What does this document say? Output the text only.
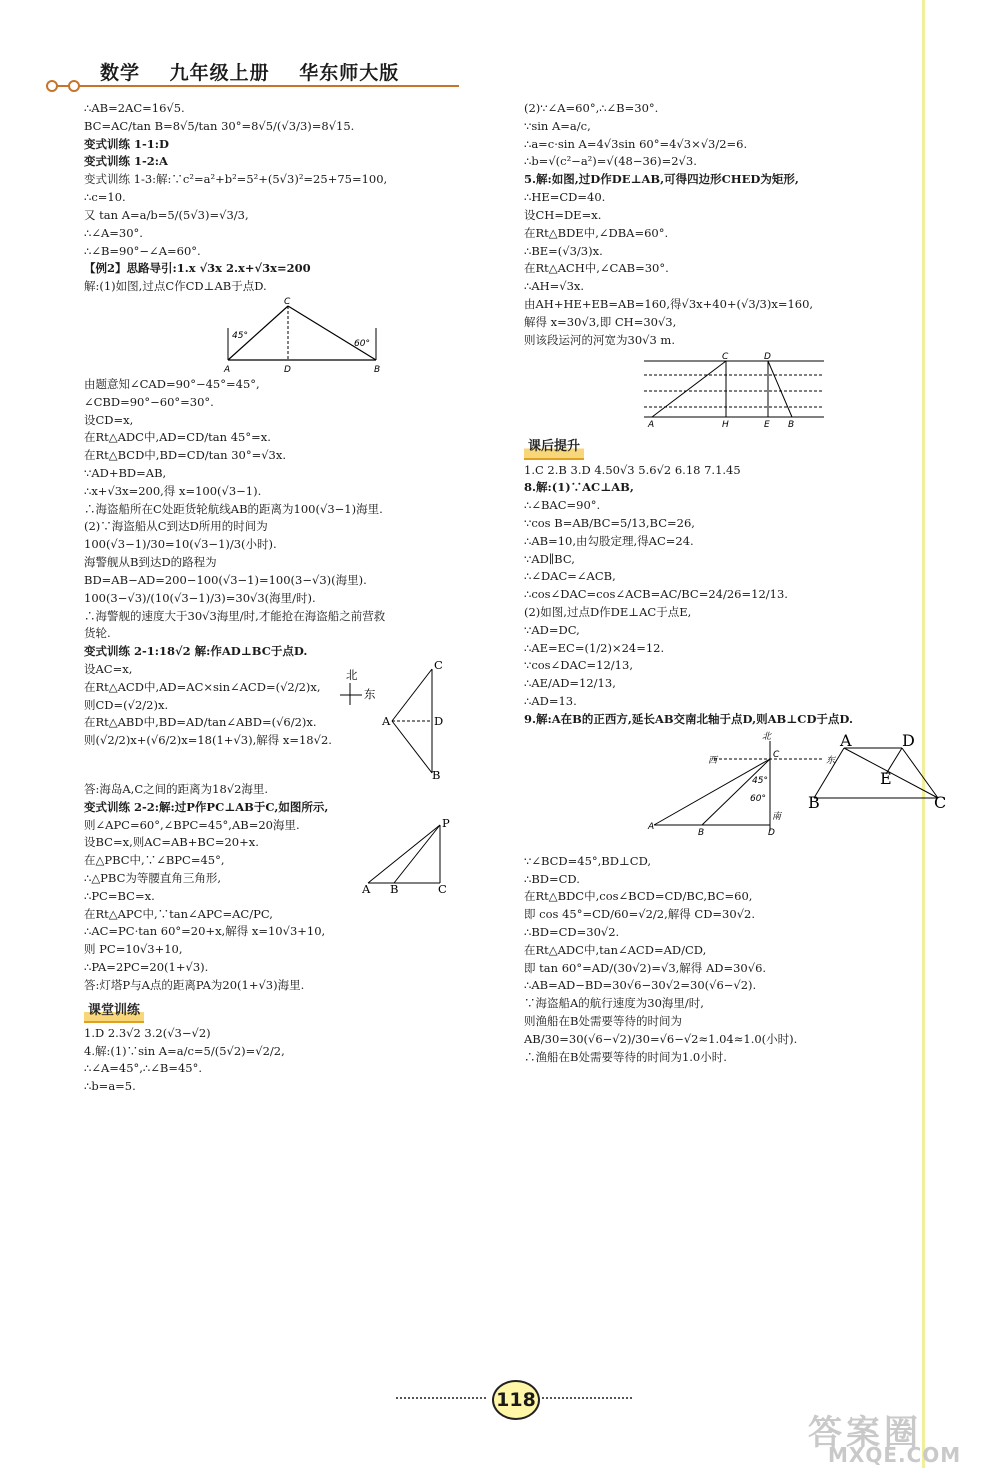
数学 九年级上册 华东师大版
∴AB=2AC=16√5.
BC=AC/tan B=8√5/tan 30°=8√5/(√3/3)=8√15.
变式训练 1-1:D
变式训练 1-2:A
变式训练 1-3:解:∵c²=a²+b²=5²+(5√3)²=25+75=100,
∴c=10.
又 tan A=a/b=5/(5√3)=√3/3,
∴∠A=30°.
∴∠B=90°−∠A=60°.
【例2】思路导引:1.x √3x 2.x+√3x=200
解:(1)如图,过点C作CD⊥AB于点D.
45°
60°
C
A	D	B
由题意知∠CAD=90°−45°=45°,
∠CBD=90°−60°=30°.
设CD=x,
在Rt△ADC中,AD=CD/tan 45°=x.
在Rt△BCD中,BD=CD/tan 30°=√3x.
∵AD+BD=AB,
∴x+√3x=200,得 x=100(√3−1).
∴海盗船所在C处距货轮航线AB的距离为100(√3−1)海里.
(2)∵海盗船从C到达D所用的时间为
100(√3−1)/30=10(√3−1)/3(小时).
海警舰从B到达D的路程为
BD=AB−AD=200−100(√3−1)=100(3−√3)(海里).
100(3−√3)/(10(√3−1)/3)=30√3(海里/时).
∴海警舰的速度大于30√3海里/时,才能抢在海盗船之前营救
货轮.
变式训练 2-1:18√2 解:作AD⊥BC于点D.
设AC=x,
在Rt△ACD中,AD=AC×sin∠ACD=(√2/2)x,
则CD=(√2/2)x.
在Rt△ABD中,BD=AD/tan∠ABD=(√6/2)x.
则(√2/2)x+(√6/2)x=18(1+√3),解得 x=18√2.
北
东
A
C
D
B
答:海岛A,C之间的距离为18√2海里.
变式训练 2-2:解:过P作PC⊥AB于C,如图所示,
则∠APC=60°,∠BPC=45°,AB=20海里.
设BC=x,则AC=AB+BC=20+x.
在△PBC中,∵∠BPC=45°,
∴△PBC为等腰直角三角形,
∴PC=BC=x.
P
A B	C
在Rt△APC中,∵tan∠APC=AC/PC,
∴AC=PC·tan 60°=20+x,解得 x=10√3+10,
则 PC=10√3+10,
∴PA=2PC=20(1+√3).
答:灯塔P与A点的距离PA为20(1+√3)海里.
课堂训练
1.D 2.3√2 3.2(√3−√2)
4.解:(1)∵sin A=a/c=5/(5√2)=√2/2,
∴∠A=45°,∴∠B=45°.
∴b=a=5.
(2)∵∠A=60°,∴∠B=30°.
∵sin A=a/c,
∴a=c·sin A=4√3sin 60°=4√3×√3/2=6.
∴b=√(c²−a²)=√(48−36)=2√3.
5.解:如图,过D作DE⊥AB,可得四边形CHED为矩形,
∴HE=CD=40.
设CH=DE=x.
在Rt△BDE中,∠DBA=60°.
∴BE=(√3/3)x.
在Rt△ACH中,∠CAB=30°.
∴AH=√3x.
由AH+HE+EB=AB=160,得√3x+40+(√3/3)x=160,
解得 x=30√3,即 CH=30√3,
则该段运河的河宽为30√3 m.
C	D
A	H	E B
课后提升
1.C 2.B 3.D 4.50√3 5.6√2 6.18 7.1.45
8.解:(1)∵AC⊥AB,
∴∠BAC=90°.
∵cos B=AB/BC=5/13,BC=26,
∴AB=10,由勾股定理,得AC=24.
∵AD∥BC,
∴∠DAC=∠ACB,
∴cos∠DAC=cos∠ACB=AC/BC=24/26=12/13.
(2)如图,过点D作DE⊥AC于点E,
∵AD=DC,
∴AE=EC=(1/2)×24=12.
∵cos∠DAC=12/13,
∴AE/AD=12/13,
∴AD=13.
9.解:A在B的正西方,延长AB交南北轴于点D,则AB⊥CD于点D.
北
西	东
南
C
45°
60°
A
B	D
∵∠BCD=45°,BD⊥CD,
∴BD=CD.
在Rt△BDC中,cos∠BCD=CD/BC,BC=60,
即 cos 45°=CD/60=√2/2,解得 CD=30√2.
∴BD=CD=30√2.
在Rt△ADC中,tan∠ACD=AD/CD,
即 tan 60°=AD/(30√2)=√3,解得 AD=30√6.
∴AB=AD−BD=30√6−30√2=30(√6−√2).
∵海盗船A的航行速度为30海里/时,
则渔船在B处需要等待的时间为
AB/30=30(√6−√2)/30=√6−√2≈1.04≈1.0(小时).
∴渔船在B处需要等待的时间为1.0小时.
A	D
B	C
E
118
答案圈
MXQE.COM
